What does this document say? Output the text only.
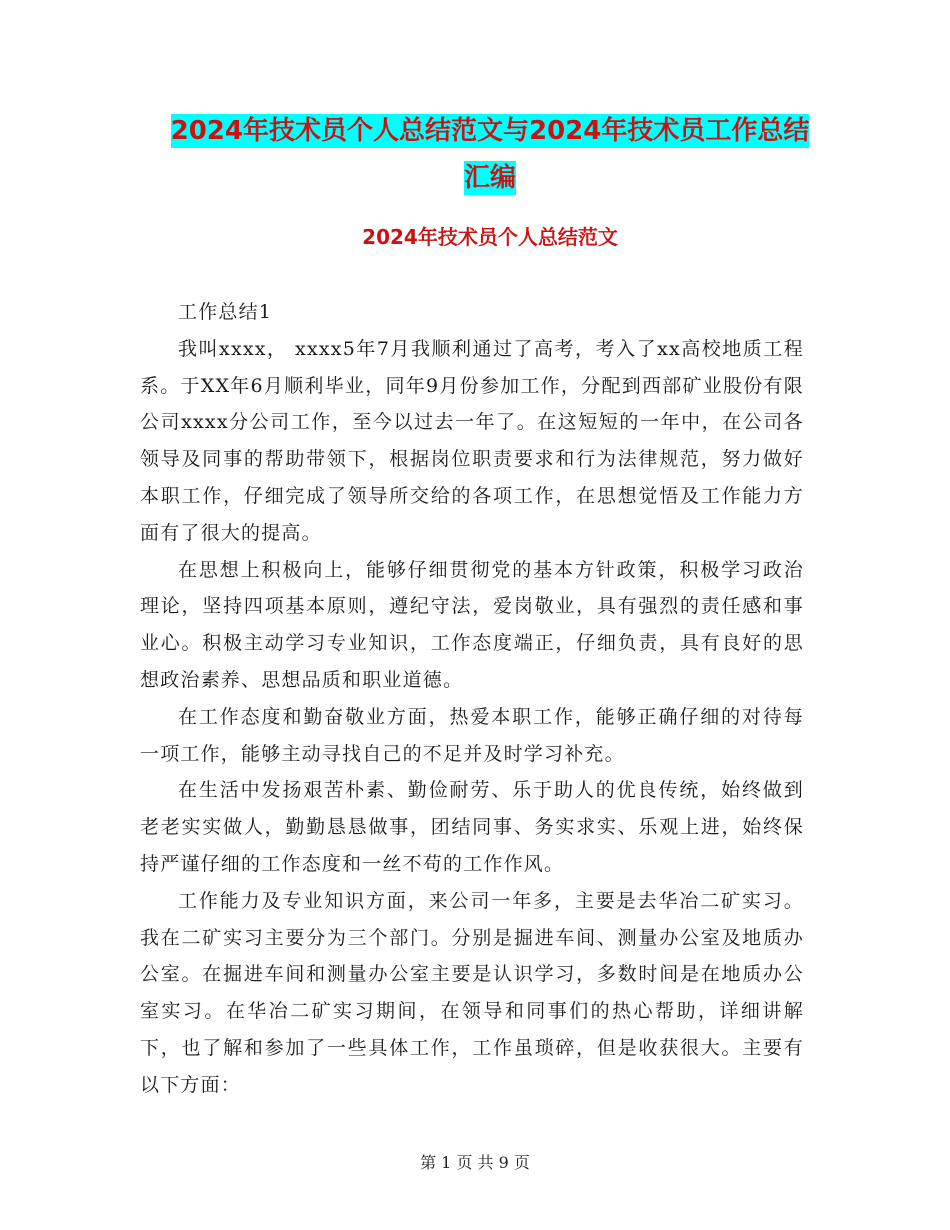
2024年技术员个人总结范文与2024年技术员工作总结
汇编
2024年技术员个人总结范文

工作总结1

我叫xxxx， xxxx5年7月我顺利通过了高考，考入了xx高校地质工程系。于XX年6月顺利毕业，同年9月份参加工作，分配到西部矿业股份有限公司xxxx分公司工作，至今以过去一年了。在这短短的一年中，在公司各领导及同事的帮助带领下，根据岗位职责要求和行为法律规范，努力做好本职工作，仔细完成了领导所交给的各项工作，在思想觉悟及工作能力方面有了很大的提高。

在思想上积极向上，能够仔细贯彻党的基本方针政策，积极学习政治理论，坚持四项基本原则，遵纪守法，爱岗敬业，具有强烈的责任感和事业心。积极主动学习专业知识，工作态度端正，仔细负责，具有良好的思想政治素养、思想品质和职业道德。

在工作态度和勤奋敬业方面，热爱本职工作，能够正确仔细的对待每一项工作，能够主动寻找自己的不足并及时学习补充。

在生活中发扬艰苦朴素、勤俭耐劳、乐于助人的优良传统，始终做到老老实实做人，勤勤恳恳做事，团结同事、务实求实、乐观上进，始终保持严谨仔细的工作态度和一丝不苟的工作作风。

工作能力及专业知识方面，来公司一年多，主要是去华冶二矿实习。我在二矿实习主要分为三个部门。分别是掘进车间、测量办公室及地质办公室。在掘进车间和测量办公室主要是认识学习，多数时间是在地质办公室实习。在华冶二矿实习期间，在领导和同事们的热心帮助，详细讲解下，也了解和参加了一些具体工作，工作虽琐碎，但是收获很大。主要有以下方面：

第 1 页 共 9 页
